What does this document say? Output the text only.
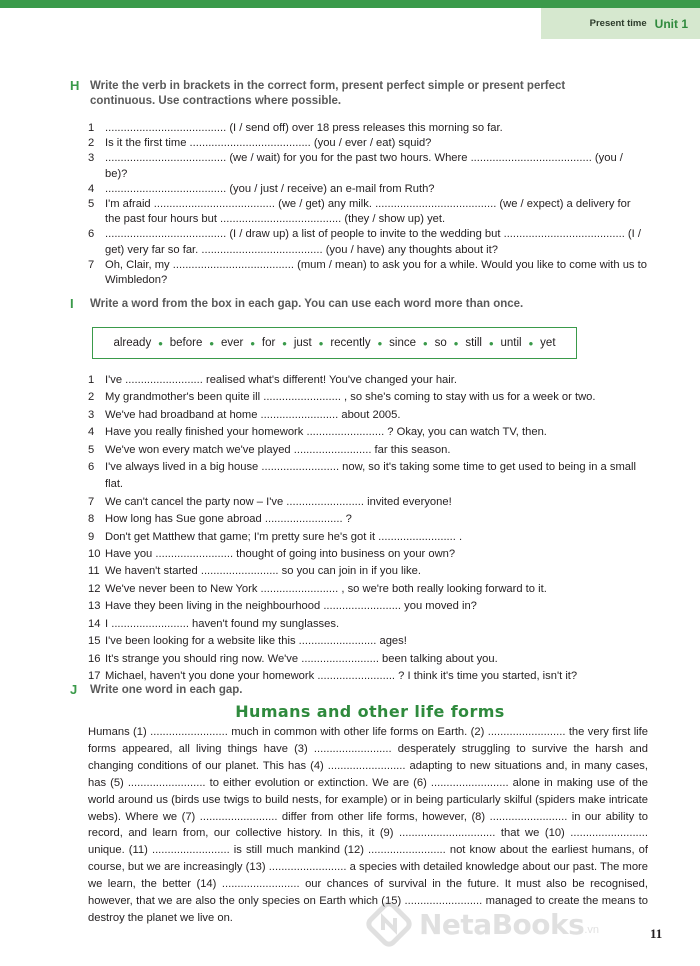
Present time Unit 1
H Write the verb in brackets in the correct form, present perfect simple or present perfect continuous. Use contractions where possible.
1 ....................................... (I / send off) over 18 press releases this morning so far.
2 Is it the first time ....................................... (you / ever / eat) squid?
3 ....................................... (we / wait) for you for the past two hours. Where ....................................... (you / be)?
4 ....................................... (you / just / receive) an e-mail from Ruth?
5 I'm afraid ....................................... (we / get) any milk. ....................................... (we / expect) a delivery for the past four hours but ....................................... (they / show up) yet.
6 ....................................... (I / draw up) a list of people to invite to the wedding but ....................................... (I / get) very far so far. ....................................... (you / have) any thoughts about it?
7 Oh, Clair, my ....................................... (mum / mean) to ask you for a while. Would you like to come with us to Wimbledon?
I Write a word from the box in each gap. You can use each word more than once.
already • before • ever • for • just • recently • since • so • still • until • yet
1 I've ......................... realised what's different! You've changed your hair.
2 My grandmother's been quite ill ......................... , so she's coming to stay with us for a week or two.
3 We've had broadband at home ......................... about 2005.
4 Have you really finished your homework ......................... ? Okay, you can watch TV, then.
5 We've won every match we've played ......................... far this season.
6 I've always lived in a big house ......................... now, so it's taking some time to get used to being in a small flat.
7 We can't cancel the party now – I've ......................... invited everyone!
8 How long has Sue gone abroad ......................... ?
9 Don't get Matthew that game; I'm pretty sure he's got it ......................... .
10 Have you ......................... thought of going into business on your own?
11 We haven't started ......................... so you can join in if you like.
12 We've never been to New York ......................... , so we're both really looking forward to it.
13 Have they been living in the neighbourhood ......................... you moved in?
14 I ......................... haven't found my sunglasses.
15 I've been looking for a website like this ......................... ages!
16 It's strange you should ring now. We've ......................... been talking about you.
17 Michael, haven't you done your homework ......................... ? I think it's time you started, isn't it?
J Write one word in each gap.
Humans and other life forms
Humans (1) ......................... much in common with other life forms on Earth. (2) ......................... the very first life forms appeared, all living things have (3) ......................... desperately struggling to survive the harsh and changing conditions of our planet. This has (4) ......................... adapting to new situations and, in many cases, has (5) ......................... to either evolution or extinction. We are (6) ......................... alone in making use of the world around us (birds use twigs to build nests, for example) or in being particularly skilful (spiders make intricate webs). Where we (7) ......................... differ from other life forms, however, (8) ......................... in our ability to record, and learn from, our collective history. In this, it (9) ............................... that we (10) ......................... unique. (11) ......................... is still much mankind (12) ......................... not know about the earliest humans, of course, but we are increasingly (13) ......................... a species with detailed knowledge about our past. The more we learn, the better (14) ......................... our chances of survival in the future. It must also be recognised, however, that we are also the only species on Earth which (15) ......................... managed to create the means to destroy the planet we live on.	NetaBooks .vn	11
